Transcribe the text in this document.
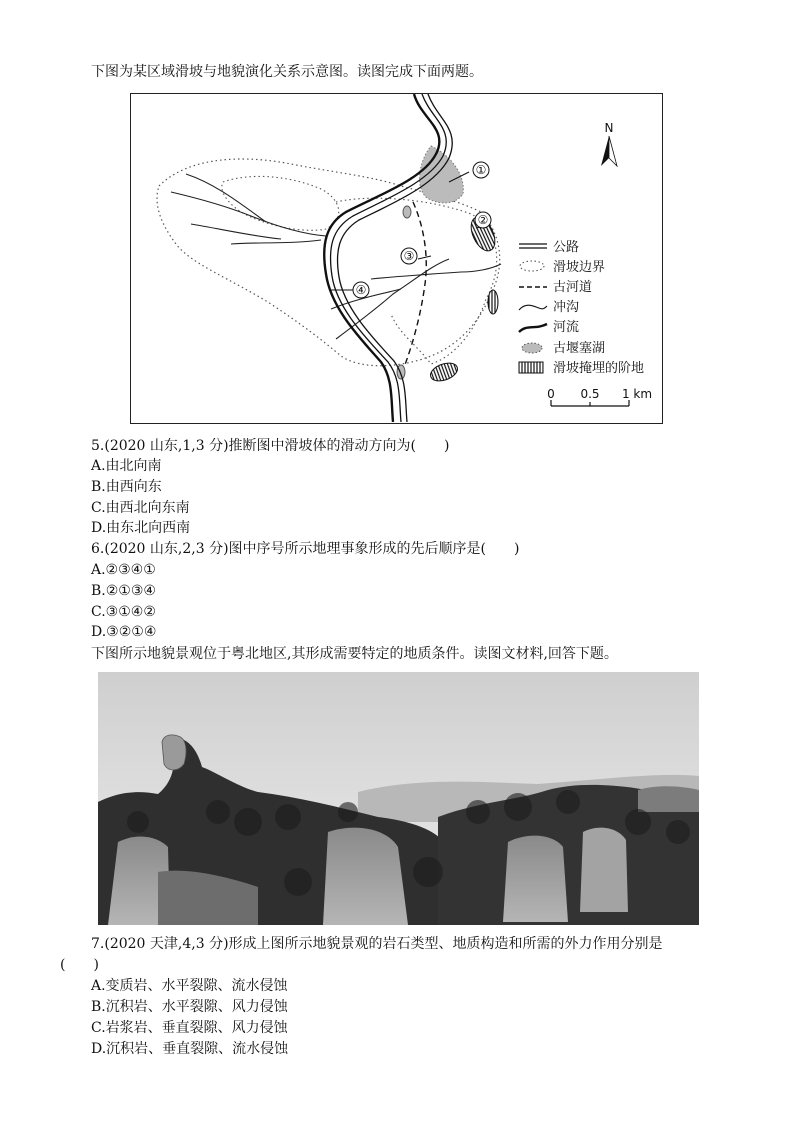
下图为某区域滑坡与地貌演化关系示意图。读图完成下面两题。
①
②
③
④
N
公路
滑坡边界
古河道
冲沟
河流
古堰塞湖
滑坡掩埋的阶地
0 0.5 1 km
5.(2020 山东,1,3 分)推断图中滑坡体的滑动方向为(　　)
A.由北向南
B.由西向东
C.由西北向东南
D.由东北向西南
6.(2020 山东,2,3 分)图中序号所示地理事象形成的先后顺序是(　　)
A.②③④①
B.②①③④
C.③①④②
D.③②①④
下图所示地貌景观位于粤北地区,其形成需要特定的地质条件。读图文材料,回答下题。
7.(2020 天津,4,3 分)形成上图所示地貌景观的岩石类型、地质构造和所需的外力作用分别是
(　　)
A.变质岩、水平裂隙、流水侵蚀
B.沉积岩、水平裂隙、风力侵蚀
C.岩浆岩、垂直裂隙、风力侵蚀
D.沉积岩、垂直裂隙、流水侵蚀
